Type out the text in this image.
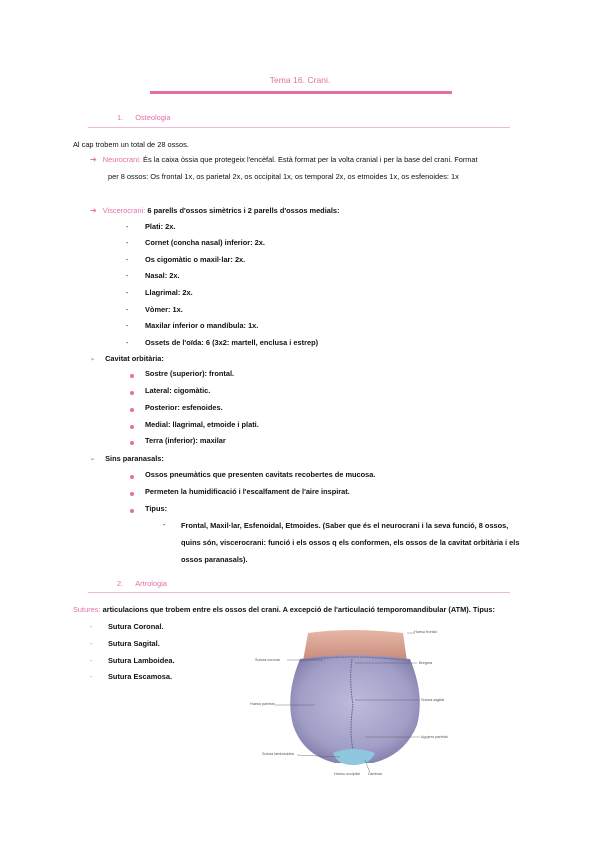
Tema 16. Crani.
1. Osteologia
Al cap trobem un total de 28 ossos.
➔ Neurocrani: És la caixa òssia que protegeix l'encèfal. Està format per la volta cranial i per la base del crani. Format
per 8 ossos: Os frontal 1x, os parietal 2x, os occipital 1x, os temporal 2x, os etmoides 1x, os esfenoides: 1x
➔ Viscerocrani: 6 parells d'ossos simètrics i 2 parells d'ossos medials:
- Plati: 2x.
- Cornet (concha nasal) inferior: 2x.
- Os cigomàtic o maxil·lar: 2x.
- Nasal: 2x.
- Llagrimal: 2x.
- Vòmer: 1x.
- Maxilar inferior o mandíbula: 1x.
- Ossets de l'oïda: 6 (3x2: martell, enclusa i estrep)
➢ Cavitat orbitària:
Sostre (superior): frontal.
Lateral: cigomàtic.
Posterior: esfenoides.
Medial: llagrimal, etmoide i plati.
Terra (inferior): maxilar
➢ Sins paranasals:
Ossos pneumàtics que presenten cavitats recobertes de mucosa.
Permeten la humidificació i l'escalfament de l'aire inspirat.
Tipus:
- Frontal, Maxil·lar, Esfenoidal, Etmoides. (Saber que és el neurocrani i la seva funció, 8 ossos,
quins són, viscerocrani: funció i els ossos q els conformen, els ossos de la cavitat orbitària i els
ossos paranasals).
2. Artrologia
Sutures: articulacions que trobem entre els ossos del crani. A excepció de l'articulació temporomandibular (ATM). Tipus:
- Sutura Coronal.
- Sutura Sagital.
- Sutura Lamboidea.
- Sutura Escamosa.
Hueso frontal
Sutura coronal
Bregma
Hueso parietal
Sutura sagital
Agujero parietal
Sutura lambdoidea
Hueso occipital Lambda
